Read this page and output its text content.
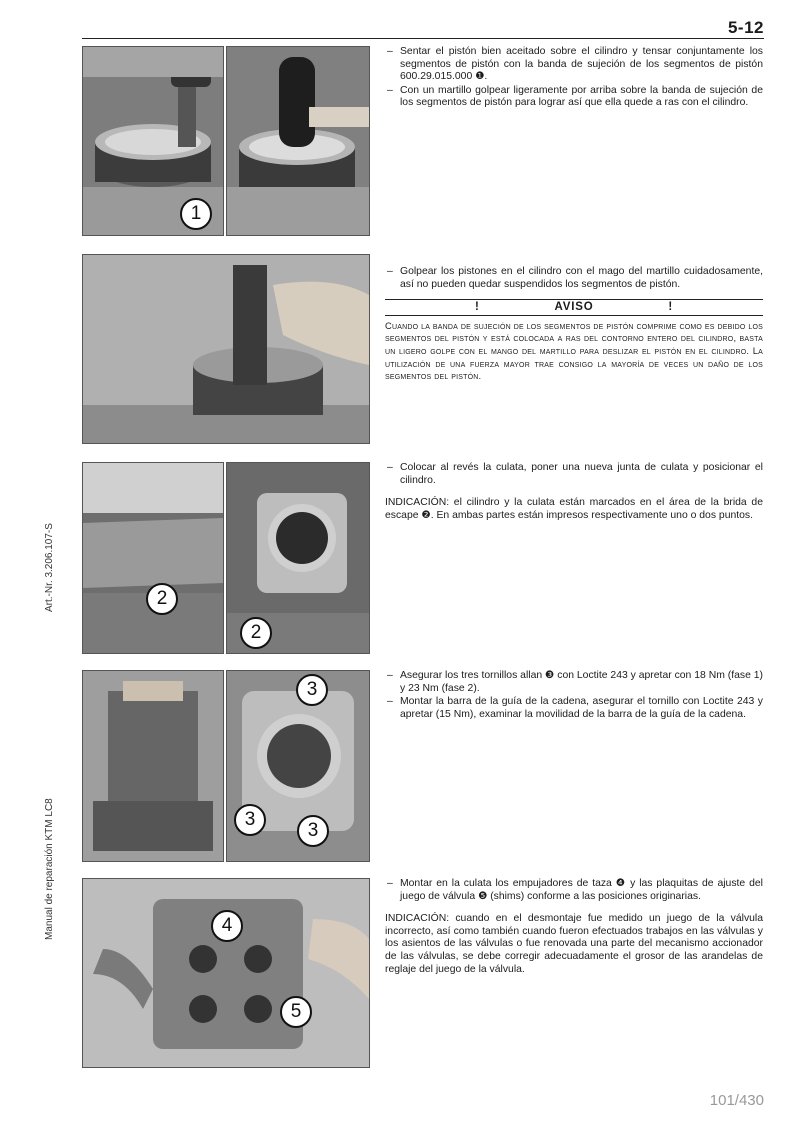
5-12
Art.-Nr. 3.206.107-S
Manual de reparación KTM LC8
1
– Sentar el pistón bien aceitado sobre el cilindro y tensar conjuntamente los segmentos de pistón con la banda de sujeción de los segmentos de pistón 600.29.015.000 ❶.
– Con un martillo golpear ligeramente por arriba sobre la banda de sujeción de los segmentos de pistón para lograr así que ella quede a ras con el cilindro.
– Golpear los pistones en el cilindro con el mago del martillo cuidadosamente, así no pueden quedar suspendidos los segmentos de pistón.
!	AVISO	!

Cuando la banda de sujeción de los segmentos de pistón comprime como es debido los segmentos del pistón y está colocada a ras del contorno entero del cilindro, basta un ligero golpe con el mango del martillo para deslizar el pistón en el cilindro. La utilización de una fuerza mayor trae consigo la mayoría de veces un daño de los segmentos del pistón.

2
2
– Colocar al revés la culata, poner una nueva junta de culata y posicionar el cilindro.

INDICACIÓN: el cilindro y la culata están marcados en el área de la brida de escape ❷. En ambas partes están impresos respectivamente uno o dos puntos.

3
3
3
– Asegurar los tres tornillos allan ❸ con Loctite 243 y apretar con 18 Nm (fase 1) y 23 Nm (fase 2).
– Montar la barra de la guía de la cadena, asegurar el tornillo con Loctite 243 y apretar (15 Nm), examinar la movilidad de la barra de la guía de la cadena.
4
5
– Montar en la culata los empujadores de taza ❹ y las plaquitas de ajuste del juego de válvula ❺ (shims) conforme a las posiciones originarias.

INDICACIÓN: cuando en el desmontaje fue medido un juego de la válvula incorrecto, así como también cuando fueron efectuados trabajos en las válvulas y los asientos de las válvulas o fue renovada una parte del mecanismo accionador de las válvulas, se debe corregir adecuadamente el grosor de las arandelas de reglaje del juego de la válvula.

101/430
